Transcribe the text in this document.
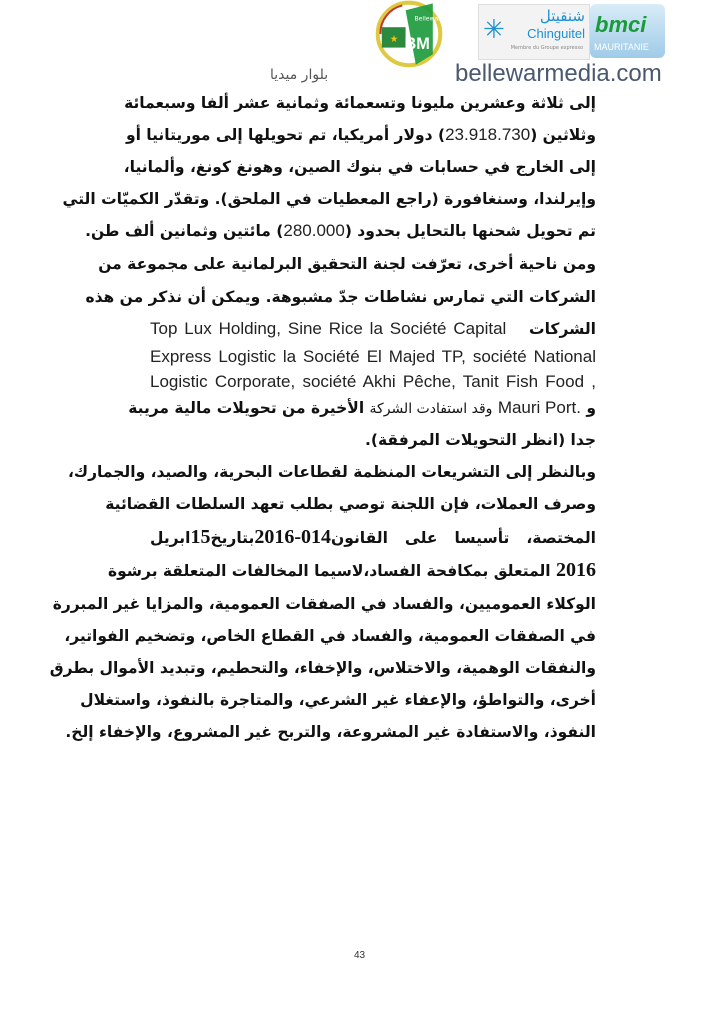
★ BM
Bellewar ✳ شنقيتل
Chinguitel
Membre du Groupe expresso
bmci
MAURITANIE
bellewarmedia.com
بلوار ميديا
إلى ثلاثة وعشرين مليونا وتسعمائة وثمانية عشر ألفا وسبعمائة
وثلاثين (23.918.730) دولار أمريكيا، تم تحويلها إلى موريتانيا أو
إلى الخارج في حسابات في بنوك الصين، وهونغ كونغ، وألمانيا،
وإيرلندا، وسنغافورة (راجع المعطيات في الملحق). وتقدّر الكميّات التي
تم تحويل شحنها بالتحايل بحدود (280.000) مائتين وثمانين ألف طن.
ومن ناحية أخرى، تعرّفت لجنة التحقيق البرلمانية على مجموعة من
الشركات التي تمارس نشاطات جدّ مشبوهة. ويمكن أن نذكر من هذه
الشركات   Top Lux Holding, Sine Rice la Société Capital
Express Logistic la Société El Majed TP, société National
Logistic Corporate, société Akhi Pêche, Tanit Fish Food ,
و Mauri Port. وقد استفادت الشركة الأخيرة من تحويلات مالية مريبة
جدا (انظر التحويلات المرفقة).
وبالنظر إلى التشريعات المنظمة لقطاعات البحرية، والصيد، والجمارك،
وصرف العملات، فإن اللجنة توصي بطلب تعهد السلطات القضائية
المختصة، تأسيسا على القانون2016-014بتاريخ15ابريل
2016 المتعلق بمكافحة الفساد،لاسيما المخالفات المتعلقة برشوة
الوكلاء العموميين، والفساد في الصفقات العمومية، والمزايا غير المبررة
في الصفقات العمومية، والفساد في القطاع الخاص، وتضخيم الفواتير،
والنفقات الوهمية، والاختلاس، والإخفاء، والتحطيم، وتبديد الأموال بطرق
أخرى، والتواطؤ، والإعفاء غير الشرعي، والمتاجرة بالنفوذ، واستغلال
النفوذ، والاستفادة غير المشروعة، والتربح غير المشروع، والإخفاء إلخ.
43
